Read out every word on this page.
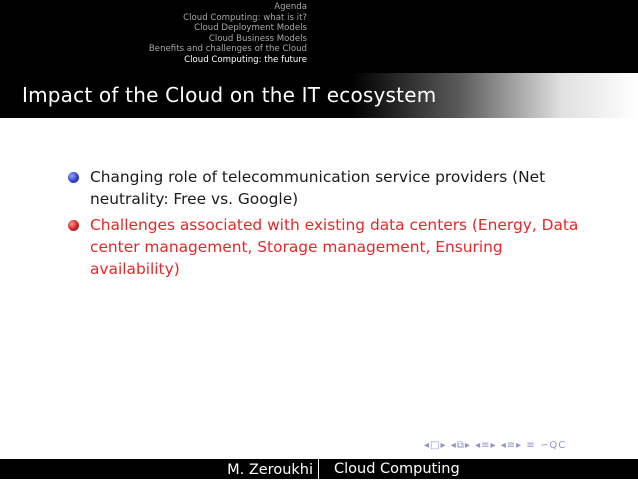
Agenda
Cloud Computing: what is it?
Cloud Deployment Models
Cloud Business Models
Benefits and challenges of the Cloud
Cloud Computing: the future
Impact of the Cloud on the IT ecosystem
Changing role of telecommunication service providers (Net neutrality: Free vs. Google)
Challenges associated with existing data centers (Energy, Data center management, Storage management, Ensuring availability)
◂□▸ ◂⧉▸ ◂≡▸ ◂≡▸ ≡ ∽QC
M. Zeroukhi	Cloud Computing
